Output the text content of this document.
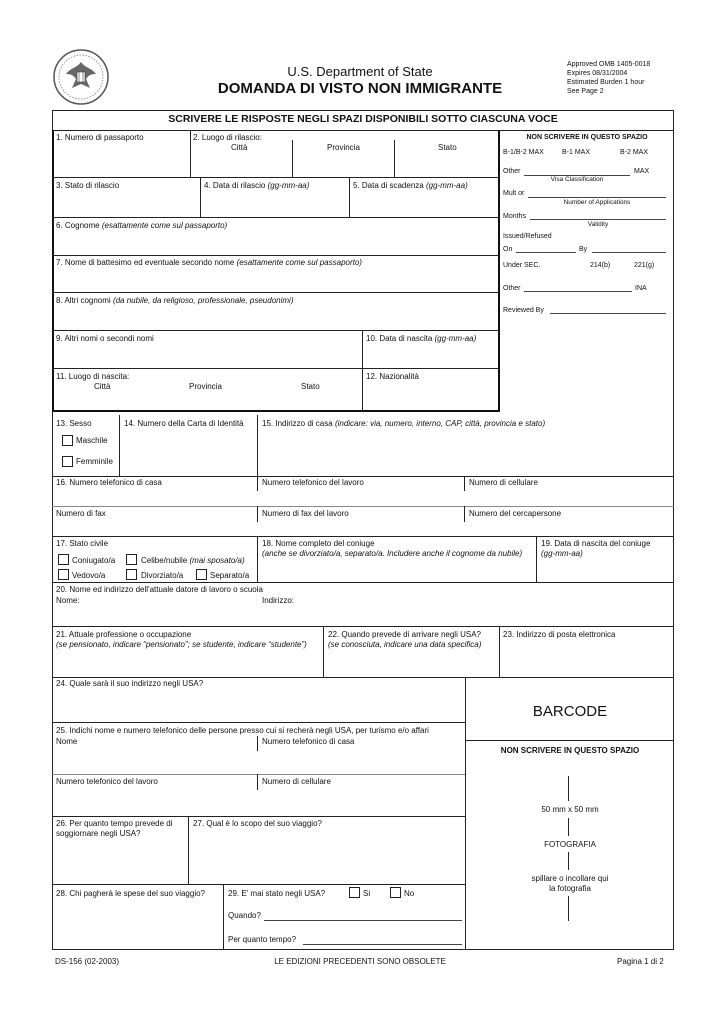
U.S. Department of State
DOMANDA DI VISTO NON IMMIGRANTE
Approved OMB 1405-0018
Expires 08/31/2004
Estimated Burden 1 hour
See Page 2
SCRIVERE LE RISPOSTE NEGLI SPAZI DISPONIBILI SOTTO CIASCUNA VOCE
1. Numero di passaporto	2. Luogo di rilascio:
Città	Provincia	Stato
3. Stato di rilascio	4. Data di rilascio (gg-mm-aa)	5. Data di scadenza (gg-mm-aa)
6. Cognome (esattamente come sul passaporto)
7. Nome di battesimo ed eventuale secondo nome (esattamente come sul passaporto)
8. Altri cognomi (da nubile, da religioso, professionale, pseudonimi)
9. Altri nomi o secondi nomi	10. Data di nascita (gg-mm-aa)
11. Luogo di nascita:
Città	Provincia	Stato
12. Nazionalità
NON SCRIVERE IN QUESTO SPAZIO
B-1/B-2 MAX	B-1 MAX	B-2 MAX
Other	MAX
Visa Classification
Mult or
Number of Applications
Months
Validity
Issued/Refused
On	By
Under SEC.	214(b)	221(g)
Other	INA
Reviewed By
13. Sesso
Maschile
Femminile
14. Numero della Carta di Identità 15. Indirizzo di casa (indicare: via, numero, interno, CAP, città, provincia e stato)
16. Numero telefonico di casa	Numero telefonico del lavoro	Numero di cellulare
Numero di fax	Numero di fax del lavoro	Numero del cercapersone
17. Stato civile
Coniugato/a	Celibe/nubile (mai sposato/a)
Vedovo/a	Divorziato/a	Separato/a
18. Nome completo del coniuge
(anche se divorziato/a, separato/a. Includere anche il cognome da nubile)
19. Data di nascita del coniuge
(gg-mm-aa)
20. Nome ed indirizzo dell'attuale datore di lavoro o scuola
Nome:	Indirizzo:
21. Attuale professione o occupazione
(se pensionato, indicare “pensionato”; se studente, indicare “studente”)
22. Quando prevede di arrivare negli USA?
(se conosciuta, indicare una data specifica)
23. Indirizzo di posta elettronica
24. Quale sarà il suo indirizzo negli USA?
25. Indichi nome e numero telefonico delle persone presso cui si recherà negli USA, per turismo e/o affari
Nome	Numero telefonico di casa
Numero telefonico del lavoro	Numero di cellulare
26. Per quanto tempo prevede di soggiornare negli USA?
27. Qual è lo scopo del suo viaggio?
28. Chi pagherà le spese del suo viaggio?	29. E' mai stato negli USA?	Si	No
Quando?
Per quanto tempo?
BARCODE
NON SCRIVERE IN QUESTO SPAZIO
50 mm x 50 mm
FOTOGRAFIA
spillare o incollare qui
la fotografia
DS-156 (02-2003)	LE EDIZIONI PRECEDENTI SONO OBSOLETE	Pagina 1 di 2
